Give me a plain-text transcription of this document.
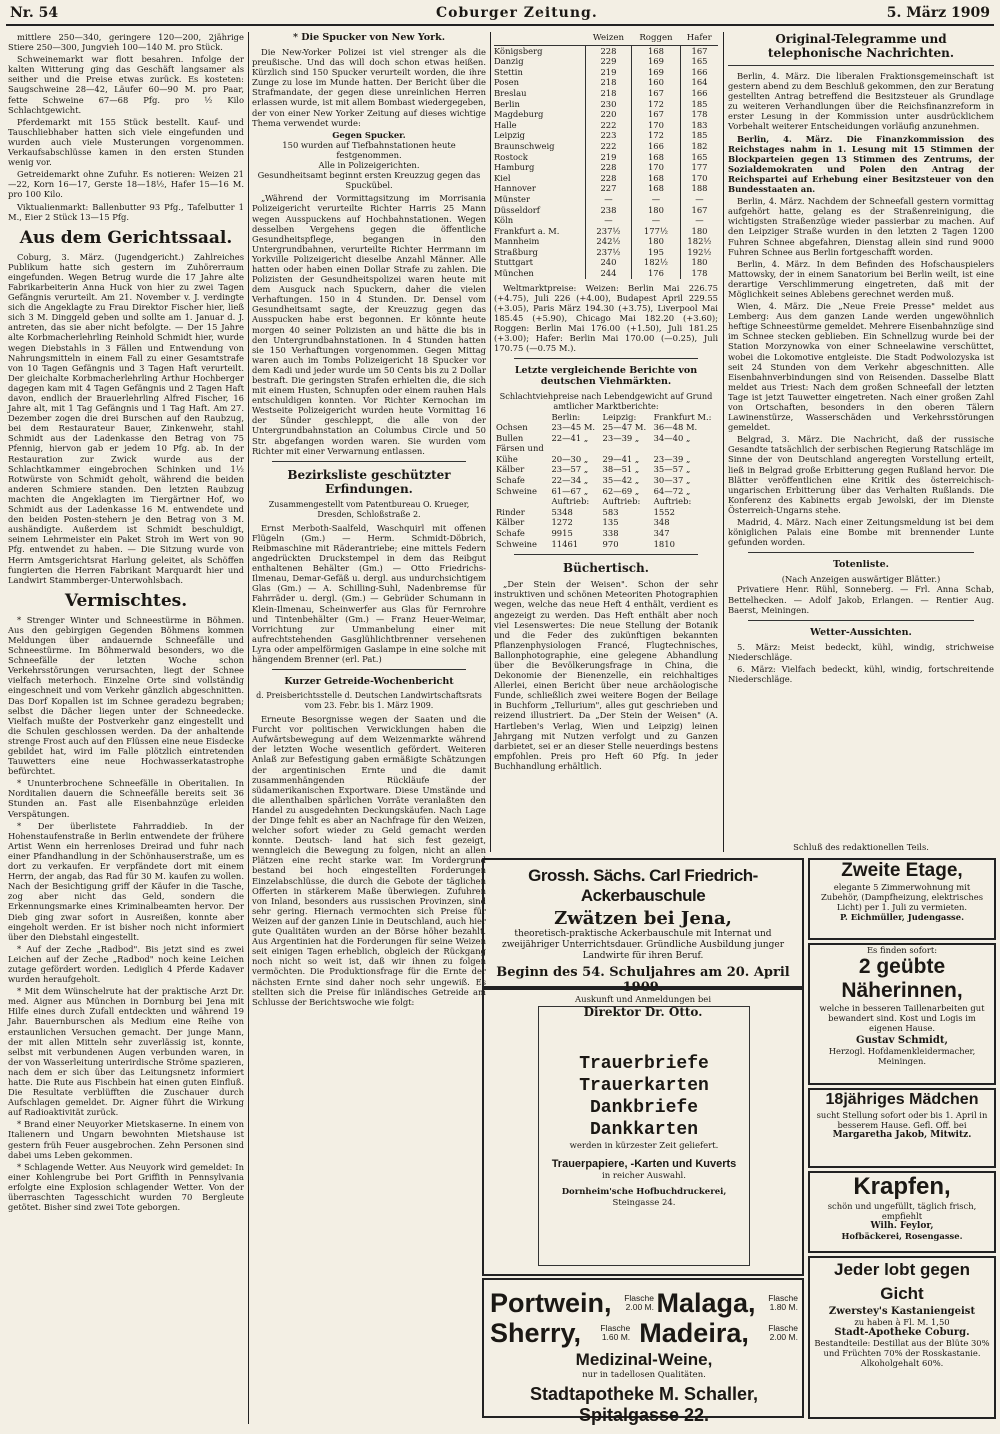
Nr. 54	Coburger Zeitung.	5. März 1909

mittlere 250—340, geringere 120—200, 2jährige Stiere 250—300, Jungvieh 100—140 M. pro Stück.

Schweinemarkt war flott besahren. Infolge der kalten Witterung ging das Geschäft langsamer als seither und die Preise etwas zurück. Es kosteten: Saugschweine 28—42, Läufer 60—90 M. pro Paar, fette Schweine 67—68 Pfg. pro ½ Kilo Schlachtgewicht.

Pferdemarkt mit 155 Stück bestellt. Kauf- und Tauschliebhaber hatten sich viele eingefunden und wurden auch viele Musterungen vorgenommen. Verkaufsabschlüsse kamen in den ersten Stunden wenig vor.

Getreidemarkt ohne Zufuhr. Es notieren: Weizen 21—22, Korn 16—17, Gerste 18—18½, Hafer 15—16 M. pro 100 Kilo.

Viktualienmarkt: Ballenbutter 93 Pfg., Tafelbutter 1 M., Eier 2 Stück 13—15 Pfg.

Aus dem Gerichtssaal.

Coburg, 3. März. (Jugendgericht.) Zahlreiches Publikum hatte sich gestern im Zuhörerraum eingefunden. Wegen Betrug wurde die 17 Jahre alte Fabrikarbeiterin Anna Huck von hier zu zwei Tagen Gefängnis verurteilt. Am 21. November v. J. verdingte sich die Angeklagte zu Frau Direktor Fischer hier, ließ sich 3 M. Dinggeld geben und sollte am 1. Januar d. J. antreten, das sie aber nicht befolgte. — Der 15 Jahre alte Korbmacherlehrling Reinhold Schmidt hier, wurde wegen Diebstahls in 3 Fällen und Entwendung von Nahrungsmitteln in einem Fall zu einer Gesamtstrafe von 10 Tagen Gefängnis und 3 Tagen Haft verurteilt. Der gleichalte Korbmacherlehrling Arthur Hochberger dagegen kam mit 4 Tagen Gefängnis und 2 Tagen Haft davon, endlich der Brauerlehrling Alfred Fischer, 16 Jahre alt, mit 1 Tag Gefängnis und 1 Tag Haft. Am 27. Dezember zogen die drei Burschen auf den Raubzug, bei dem Restaurateur Bauer, Zinkenwehr, stahl Schmidt aus der Ladenkasse den Betrag von 75 Pfennig, hiervon gab er jedem 10 Pfg. ab. In der Restauration zur Zwick wurde aus der Schlachtkammer eingebrochen Schinken und 1½ Rotwürste von Schmidt geholt, während die beiden anderen Schmiere standen. Den letzten Raubzug machten die Angeklagten im Tiergärtner Hof, wo Schmidt aus der Ladenkasse 16 M. entwendete und den beiden Posten-stehern je den Betrag von 3 M. aushändigte. Außerdem ist Schmidt beschuldigt, seinem Lehrmeister ein Paket Stroh im Wert von 90 Pfg. entwendet zu haben. — Die Sitzung wurde von Herrn Amtsgerichtsrat Harlung geleitet, als Schöffen fungierten die Herren Fabrikant Marquardt hier und Landwirt Stammberger-Unterwohlsbach.

Vermischtes.

* Strenger Winter und Schneestürme in Böhmen. Aus den gebirgigen Gegenden Böhmens kommen Meldungen über andauernde Schneefälle und Schneestürme. Im Böhmerwald besonders, wo die Schneefälle der letzten Woche schon Verkehrsstörungen verursachten, liegt der Schnee vielfach meterhoch. Einzelne Orte sind vollständig eingeschneit und vom Verkehr gänzlich abgeschnitten. Das Dorf Kopallen ist im Schnee geradezu begraben; selbst die Dächer liegen unter der Schneedecke. Vielfach mußte der Postverkehr ganz eingestellt und die Schulen geschlossen werden. Da der anhaltende strenge Frost auch auf den Flüssen eine neue Eisdecke gebildet hat, wird im Falle plötzlich eintretenden Tauwetters eine neue Hochwasserkatastrophe befürchtet.

* Ununterbrochene Schneefälle in Oberitalien. In Norditalien dauern die Schneefälle bereits seit 36 Stunden an. Fast alle Eisenbahnzüge erleiden Verspätungen.

* Der überlistete Fahrraddieb. In der Hohenstaufenstraße in Berlin entwendete der frühere Artist Wenn ein herrenloses Dreirad und fuhr nach einer Pfandhandlung in der Schönhauserstraße, um es dort zu verkaufen. Er verpfändete dort mit einem Herrn, der angab, das Rad für 30 M. kaufen zu wollen. Nach der Besichtigung griff der Käufer in die Tasche, zog aber nicht das Geld, sondern die Erkennungsmarke eines Kriminalbeamten hervor. Der Dieb ging zwar sofort in Ausreißen, konnte aber eingeholt werden. Er ist bisher noch nicht informiert über den Diebstahl eingestellt.

* Auf der Zeche „Radbod". Bis jetzt sind es zwei Leichen auf der Zeche „Radbod" noch keine Leichen zutage gefördert worden. Lediglich 4 Pferde Kadaver wurden heraufgeholt.

* Mit dem Wünschelrute hat der praktische Arzt Dr. med. Aigner aus München in Dornburg bei Jena mit Hilfe eines durch Zufall entdeckten und während 19 Jahr. Bauernburschen als Medium eine Reihe von erstaunlichen Versuchen gemacht. Der junge Mann, der mit allen Mitteln sehr zuverlässig ist, konnte, selbst mit verbundenen Augen verbunden waren, in der von Wasserleitung unterirdische Ströme spazieren, nach dem er sich über das Leitungsnetz informiert hatte. Die Rute aus Fischbein hat einen guten Einfluß. Die Resultate verblüfften die Zuschauer durch Aufschlagen gemeldet. Dr. Aigner führt die Wirkung auf Radioaktivität zurück.

* Brand einer Neuyorker Mietskaserne. In einem von Italienern und Ungarn bewohnten Mietshause ist gestern früh Feuer ausgebrochen. Zehn Personen sind dabei ums Leben gekommen.

* Schlagende Wetter. Aus Neuyork wird gemeldet: In einer Kohlengrube bei Port Griffith in Pennsylvania erfolgte eine Explosion schlagender Wetter. Von der überraschten Tagesschicht wurden 70 Bergleute getötet. Bisher sind zwei Tote geborgen.

* Die Spucker von New York.

Die New-Yorker Polizei ist viel strenger als die preußische. Und das will doch schon etwas heißen. Kürzlich sind 150 Spucker verurteilt worden, die ihre Zunge zu lose im Munde hatten. Der Bericht über die Strafmandate, der gegen diese unreinlichen Herren erlassen wurde, ist mit allem Bombast wiedergegeben, der von einer New Yorker Zeitung auf dieses wichtige Thema verwendet wurde:

Gegen Spucker.
150 wurden auf Tiefbahnstationen heute festgenommen.
Alle in Polizeigerichten.
Gesundheitsamt beginnt ersten Kreuzzug gegen das Spuckübel.

„Während der Vormittagsitzung im Morrisania Polizeigericht verurteilte Richter Harris 25 Mann wegen Ausspuckens auf Hochbahnstationen. Wegen desselben Vergehens gegen die öffentliche Gesundheitspflege, begangen in den Untergrundbahnen, verurteilte Richter Herrmann im Yorkville Polizeigericht dieselbe Anzahl Männer. Alle hatten oder haben einen Dollar Strafe zu zahlen. Die Polizisten der Gesundheitspolizei waren heute mit dem Ausguck nach Spuckern, daher die vielen Verhaftungen. 150 in 4 Stunden. Dr. Densel vom Gesundheitsamt sagte, der Kreuzzug gegen das Ausspucken habe erst begonnen. Er könnte heute morgen 40 seiner Polizisten an und hätte die bis in den Untergrundbahnstationen. In 4 Stunden hatten sie 150 Verhaftungen vorgenommen. Gegen Mittag waren auch im Tombs Polizeigericht 18 Spucker vor dem Kadi und jeder wurde um 50 Cents bis zu 2 Dollar bestraft. Die geringsten Strafen erhielten die, die sich mit einem Husten, Schnupfen oder einem rauhen Hals entschuldigen konnten. Vor Richter Kernochan im Westseite Polizeigericht wurden heute Vormittag 16 der Sünder geschleppt, die alle von der Untergrundbahnstation an Columbus Circle und 50 Str. abgefangen worden waren. Sie wurden vom Richter mit einer Verwarnung entlassen.

Bezirksliste geschützter Erfindungen.
Zusammengestellt vom Patentbureau O. Krueger,
Dresden, Schloßstraße 2.

Ernst Merboth-Saalfeld, Waschquirl mit offenen Flügeln (Gm.) — Herm. Schmidt-Döbrich, Reibmaschine mit Räderantriebe; eine mittels Federn angedrückten Druckstempel in dem das Reibgut enthaltenen Behälter (Gm.) — Otto Friedrichs-Ilmenau, Demar-Gefäß u. dergl. aus undurchsichtigem Glas (Gm.) — A. Schilling-Suhl, Nadenbremse für Fahrräder u. dergl. (Gm.) — Gebrüder Schumann in Klein-Ilmenau, Scheinwerfer aus Glas für Fernrohre und Tintenbehälter (Gm.) — Franz Heuer-Weimar, Vorrichtung zur Ummanbelung einer mit aufrechtstehenden Gasglühlichtbrenner versehenen Lyra oder ampelförmigen Gaslampe in eine solche mit hängendem Brenner (erl. Pat.)

Kurzer Getreide-Wochenbericht
d. Preisberichtsstelle d. Deutschen Landwirtschaftsrats
vom 23. Febr. bis 1. März 1909.

Erneute Besorgnisse wegen der Saaten und die Furcht vor politischen Verwicklungen haben die Aufwärtsbewegung auf dem Weizenmarkte während der letzten Woche wesentlich gefördert. Weiteren Anlaß zur Befestigung gaben ermäßigte Schätzungen der argentinischen Ernte und die damit zusammenhängenden Rückläufe der südamerikanischen Exportware. Diese Umstände und die allenthalben spärlichen Vorräte veranlaßten den Handel zu ausgedehnten Deckungskäufen. Nach Lage der Dinge fehlt es aber an Nachfrage für den Weizen, welcher sofort wieder zu Geld gemacht werden konnte. Deutsch- land hat sich fest gezeigt, wenngleich die Bewegung zu folgen, nicht an allen Plätzen eine recht starke war. Im Vordergrund bestand bei hoch eingestellten Forderungen Einzelabschlüsse, die durch die Gebote der täglichen Offerten in stärkerem Maße überwiegen. Zufuhren von Inland, besonders aus russischen Provinzen, sind sehr gering. Hiernach vermochten sich Preise für Weizen auf der ganzen Linie in Deutschland, auch hier gute Qualitäten wurden an der Börse höher bezahlt. Aus Argentinien hat die Forderungen für seine Weizen seit einigen Tagen erheblich, obgleich der Rückgang noch nicht so weit ist, daß wir ihnen zu folgen vermöchten. Die Produktionsfrage für die Ernte der nächsten Ernte sind daher noch sehr ungewiß. Es stellten sich die Preise für inländisches Getreide am Schlusse der Berichtswoche wie folgt:

	Weizen	Roggen	Hafer
Königsberg	228	168	167
Danzig	229	169	165
Stettin	219	169	166
Posen	218	160	164
Breslau	218	167	166
Berlin	230	172	185
Magdeburg	220	167	178
Halle	222	170	183
Leipzig	223	172	185
Braunschweig	222	166	182
Rostock	219	168	165
Hamburg	228	170	177
Kiel	228	168	170
Hannover	227	168	188
Münster	—	—	—
Düsseldorf	238	180	167
Köln	—	—	—
Frankfurt a. M.	237½	177½	180
Mannheim	242½	180	182½
Straßburg	237½	195	192½
Stuttgart	240	182½	180
München	244	176	178

Weltmarktpreise: Weizen: Berlin Mai 226.75 (+4.75), Juli 226 (+4.00), Budapest April 229.55 (+3.05), Paris März 194.30 (+3.75), Liverpool Mai 185.45 (+5.90), Chicago Mai 182.20 (+3.60); Roggen: Berlin Mai 176.00 (+1.50), Juli 181.25 (+3.00); Hafer: Berlin Mai 170.00 (—0.25), Juli 170.75 (—0.75 M.).

Letzte vergleichende Berichte von deutschen Viehmärkten.
Schlachtviehpreise nach Lebendgewicht auf Grund amtlicher Marktberichte:
	Berlin:	Leipzig:	Frankfurt M.:
Ochsen	23—45 M.	25—47 M.	36—48 M.
Bullen	22—41 „	23—39 „	34—40 „
Färsen und			
Kühe	20—30 „	29—41 „	23—39 „
Kälber	23—57 „	38—51 „	35—57 „
Schafe	22—34 „	35—42 „	30—37 „
Schweine	61—67 „	62—69 „	64—72 „
	Auftrieb:	Auftrieb:	Auftrieb:
Rinder	5348	583	1552
Kälber	1272	135	348
Schafe	9915	338	347
Schweine	11461	970	1810
Büchertisch.

„Der Stein der Weisen". Schon der sehr instruktiven und schönen Meteoriten Photographien wegen, welche das neue Heft 4 enthält, verdient es angezeigt zu werden. Das Heft enthält aber noch viel Lesenswertes: Die neue Stellung der Botanik und die Feder des zukünftigen bekannten Pflanzenphysiologen Francé, Flugtechnisches, Ballonphotographie, eine gelegene Abhandlung über die Bevölkerungsfrage in China, die Dekonomie der Bienenzelle, ein reichhaltiges Allerlei, einen Bericht über neue archäologische Funde, schließlich zwei weitere Bogen der Beilage in Buchform „Tellurium", alles gut geschrieben und reizend illustriert. Da „Der Stein der Weisen" (A. Hartleben's Verlag, Wien und Leipzig) leinen Jahrgang mit Nutzen verfolgt und zu Ganzen darbietet, sei er an dieser Stelle neuerdings bestens empfohlen. Preis pro Heft 60 Pfg. In jeder Buchhandlung erhältlich.

Original-Telegramme und telephonische Nachrichten.

Berlin, 4. März. Die liberalen Fraktionsgemeinschaft ist gestern abend zu dem Beschluß gekommen, den zur Beratung gestellten Antrag betreffend die Besitzsteuer als Grundlage zu weiteren Verhandlungen über die Reichsfinanzreform in erster Lesung in der Kommission unter ausdrücklichem Vorbehalt weiterer Entscheidungen vorläufig anzunehmen.

Berlin, 4. März. Die Finanzkommission des Reichstages nahm in 1. Lesung mit 15 Stimmen der Blockparteien gegen 13 Stimmen des Zentrums, der Sozialdemokraten und Polen den Antrag der Reichspartei auf Erhebung einer Besitzsteuer von den Bundesstaaten an.

Berlin, 4. März. Nachdem der Schneefall gestern vormittag aufgehört hatte, gelang es der Straßenreinigung, die wichtigsten Straßenzüge wieder passierbar zu machen. Auf den Leipziger Straße wurden in den letzten 2 Tagen 1200 Fuhren Schnee abgefahren, Dienstag allein sind rund 9000 Fuhren Schnee aus Berlin fortgeschafft worden.

Berlin, 4. März. In dem Befinden des Hofschauspielers Mattowsky, der in einem Sanatorium bei Berlin weilt, ist eine derartige Verschlimmerung eingetreten, daß mit der Möglichkeit seines Ablebens gerechnet werden muß.

Wien, 4. März. Die „Neue Freie Presse" meldet aus Lemberg: Aus dem ganzen Lande werden ungewöhnlich heftige Schneestürme gemeldet. Mehrere Eisenbahnzüge sind im Schnee stecken geblieben. Ein Schnellzug wurde bei der Station Morzynowka von einer Schneelawine verschüttet, wobei die Lokomotive entgleiste. Die Stadt Podwolozyska ist seit 24 Stunden von dem Verkehr abgeschnitten. Alle Eisenbahnverbindungen sind von Reisenden. Dasselbe Blatt meldet aus Triest: Nach dem großen Schneefall der letzten Tage ist jetzt Tauwetter eingetreten. Nach einer großen Zahl von Ortschaften, besonders in den oberen Tälern Lawinenstürze, Wasserschäden und Verkehrsstörungen gemeldet.

Belgrad, 3. März. Die Nachricht, daß der russische Gesandte tatsächlich der serbischen Regierung Ratschläge im Sinne der von Deutschland angeregten Vorstellung erteilt, ließ in Belgrad große Erbitterung gegen Rußland hervor. Die Blätter veröffentlichen eine Kritik des österreichisch-ungarischen Erbitterung über das Verhalten Rußlands. Die Konferenz des Kabinetts ergab Jewolski, der im Dienste Österreich-Ungarns stehe.

Madrid, 4. März. Nach einer Zeitungsmeldung ist bei dem königlichen Palais eine Bombe mit brennender Lunte gefunden worden.

Totenliste.
(Nach Anzeigen auswärtiger Blätter.)

Privatiere Henr. Rühl, Sonneberg. — Frl. Anna Schab, Bettelhecken. — Adolf Jakob, Erlangen. — Rentier Aug. Baerst, Meiningen.

Wetter-Aussichten.

5. März: Meist bedeckt, kühl, windig, strichweise Niederschläge.

6. März: Vielfach bedeckt, kühl, windig, fortschreitende Niederschläge.

Schluß des redaktionellen Teils.
Grossh. Sächs. Carl Friedrich-Ackerbauschule
Zwätzen bei Jena,
theoretisch-praktische Ackerbauschule mit Internat und zweijähriger Unterrichtsdauer. Gründliche Ausbildung junger Landwirte für ihren Beruf.
Beginn des 54. Schuljahres am 20. April 1909.
Auskunft und Anmeldungen bei
Direktor Dr. Otto.
Trauerbriefe
Trauerkarten
Dankbriefe
Dankkarten
werden in kürzester Zeit geliefert.
Trauerpapiere, -Karten und Kuverts
in reicher Auswahl.
Dornheim'sche Hofbuchdruckerei,
Steingasse 24.
Portwein,	Flasche 2.00 M. Malaga,	Flasche 1.80 M.
Sherry,	Flasche 1.60 M. Madeira,	Flasche 2.00 M.
Medizinal-Weine,
nur in tadellosen Qualitäten.
Stadtapotheke M. Schaller, Spitalgasse 22.
Zweite Etage,
elegante 5 Zimmerwohnung mit Zubehör, (Dampfheizung, elektrisches Licht) per 1. Juli zu vermieten.
P. Eichmüller, Judengasse.
Es finden sofort:
2 geübte Näherinnen,
welche in besseren Taillenarbeiten gut bewandert sind. Kost und Logis im eigenen Hause.
Gustav Schmidt,
Herzogl. Hofdamenkleidermacher, Meiningen.
18jähriges Mädchen
sucht Stellung sofort oder bis 1. April in besserem Hause. Gefl. Off. bei
Margaretha Jakob, Mitwitz.
Krapfen,
schön und ungefüllt, täglich frisch, empfiehlt
Wilh. Feylor,
Hofbäckerei, Rosengasse.
Jeder lobt gegen Gicht
Zwerstey's Kastaniengeist
zu haben à Fl. M. 1,50
Stadt-Apotheke Coburg.
Bestandteile: Destillat aus der Blüte 30% und Früchten 70% der Rosskastanie. Alkoholgehalt 60%.
